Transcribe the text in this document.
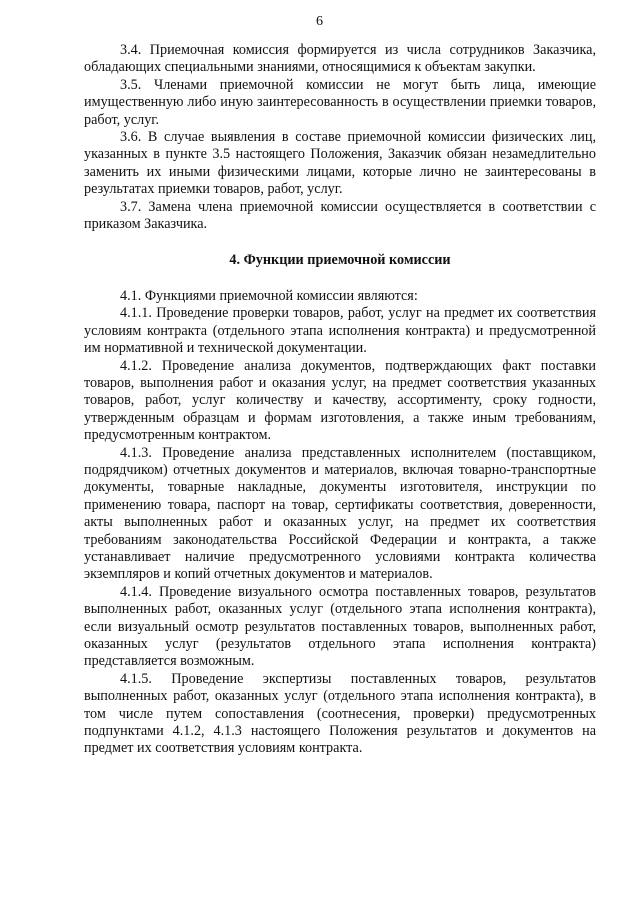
6

3.4. Приемочная комиссия формируется из числа сотрудников Заказчика, обладающих специальными знаниями, относящимися к объектам закупки.

3.5. Членами приемочной комиссии не могут быть лица, имеющие имущественную либо иную заинтересованность в осуществлении приемки товаров, работ, услуг.

3.6. В случае выявления в составе приемочной комиссии физических лиц, указанных в пункте 3.5 настоящего Положения, Заказчик обязан незамедлительно заменить их иными физическими лицами, которые лично не заинтересованы в результатах приемки товаров, работ, услуг.

3.7. Замена члена приемочной комиссии осуществляется в соответствии с приказом Заказчика.

4. Функции приемочной комиссии

4.1. Функциями приемочной комиссии являются:

4.1.1. Проведение проверки товаров, работ, услуг на предмет их соответствия условиям контракта (отдельного этапа исполнения контракта) и предусмотренной им нормативной и технической документации.

4.1.2. Проведение анализа документов, подтверждающих факт поставки товаров, выполнения работ и оказания услуг, на предмет соответствия указанных товаров, работ, услуг количеству и качеству, ассортименту, сроку годности, утвержденным образцам и формам изготовления, а также иным требованиям, предусмотренным контрактом.

4.1.3. Проведение анализа представленных исполнителем (поставщиком, подрядчиком) отчетных документов и материалов, включая товарно-транспортные документы, товарные накладные, документы изготовителя, инструкции по применению товара, паспорт на товар, сертификаты соответствия, доверенности, акты выполненных работ и оказанных услуг, на предмет их соответствия требованиям законодательства Российской Федерации и контракта, а также устанавливает наличие предусмотренного условиями контракта количества экземпляров и копий отчетных документов и материалов.

4.1.4. Проведение визуального осмотра поставленных товаров, результатов выполненных работ, оказанных услуг (отдельного этапа исполнения контракта), если визуальный осмотр результатов поставленных товаров, выполненных работ, оказанных услуг (результатов отдельного этапа исполнения контракта) представляется возможным.

4.1.5. Проведение экспертизы поставленных товаров, результатов выполненных работ, оказанных услуг (отдельного этапа исполнения контракта), в том числе путем сопоставления (соотнесения, проверки) предусмотренных подпунктами 4.1.2, 4.1.3 настоящего Положения результатов и документов на предмет их соответствия условиям контракта.
